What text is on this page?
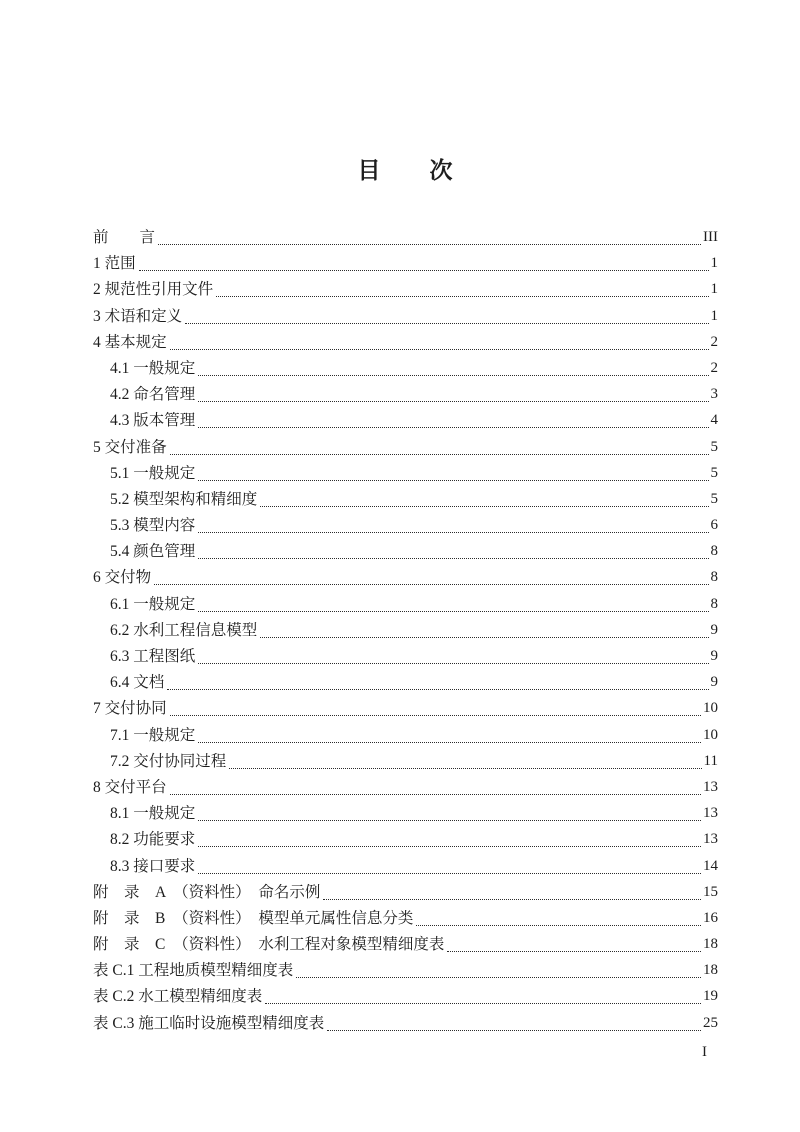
目　　次
前　　言	III
1 范围	1
2 规范性引用文件	1
3 术语和定义	1
4 基本规定	2
4.1 一般规定	2
4.2 命名管理	3
4.3 版本管理	4
5 交付准备	5
5.1 一般规定	5
5.2 模型架构和精细度	5
5.3 模型内容	6
5.4 颜色管理	8
6 交付物	8
6.1 一般规定	8
6.2 水利工程信息模型	9
6.3 工程图纸	9
6.4 文档	9
7 交付协同	10
7.1 一般规定	10
7.2 交付协同过程	11
8 交付平台	13
8.1 一般规定	13
8.2 功能要求	13
8.3 接口要求	14
附　录　A　（资料性）　命名示例	15
附　录　B　（资料性）　模型单元属性信息分类	16
附　录　C　（资料性）　水利工程对象模型精细度表	18
表 C.1 工程地质模型精细度表	18
表 C.2 水工模型精细度表	19
表 C.3 施工临时设施模型精细度表	25
I
